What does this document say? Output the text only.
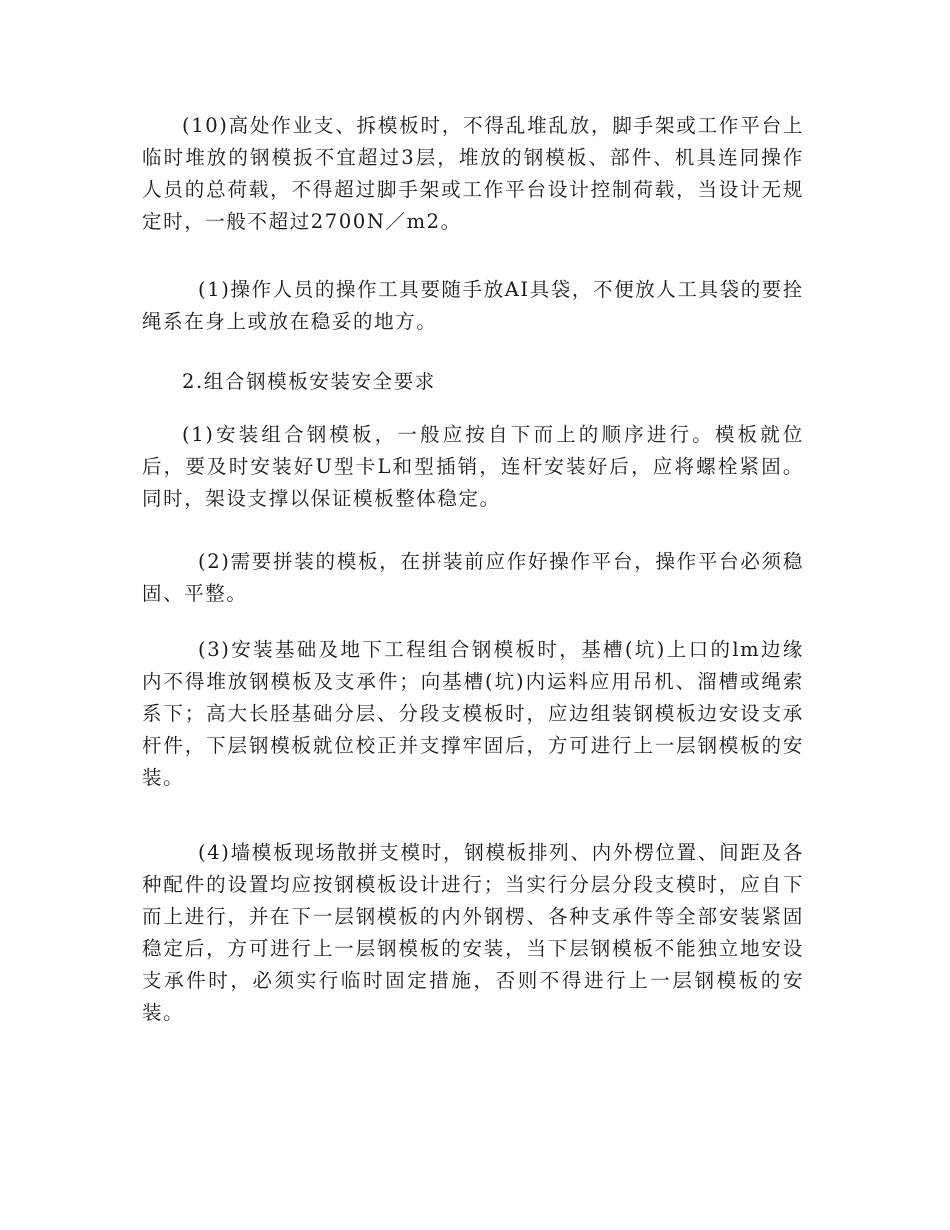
(10)高处作业支、拆模板时，不得乱堆乱放，脚手架或工作平台上临时堆放的钢模扳不宜超过3层，堆放的钢模板、部件、机具连同操作人员的总荷载，不得超过脚手架或工作平台设计控制荷载，当设计无规定时，一般不超过2700N／m2。

(1)操作人员的操作工具要随手放AI具袋，不便放人工具袋的要拴绳系在身上或放在稳妥的地方。

2.组合钢模板安装安全要求

(1)安装组合钢模板，一般应按自下而上的顺序进行。模板就位后，要及时安装好U型卡L和型插销，连杆安装好后，应将螺栓紧固。同时，架设支撑以保证模板整体稳定。

(2)需要拼装的模板，在拼装前应作好操作平台，操作平台必须稳固、平整。

(3)安装基础及地下工程组合钢模板时，基槽(坑)上口的lm边缘内不得堆放钢模板及支承件；向基槽(坑)内运料应用吊机、溜槽或绳索系下；高大长胫基础分层、分段支模板时，应边组装钢模板边安设支承杆件，下层钢模板就位校正并支撑牢固后，方可进行上一层钢模板的安装。

(4)墙模板现场散拼支模时，钢模板排列、内外楞位置、间距及各种配件的设置均应按钢模板设计进行；当实行分层分段支模时，应自下而上进行，并在下一层钢模板的内外钢楞、各种支承件等全部安装紧固稳定后，方可进行上一层钢模板的安装，当下层钢模板不能独立地安设支承件时，必须实行临时固定措施，否则不得进行上一层钢模板的安装。
